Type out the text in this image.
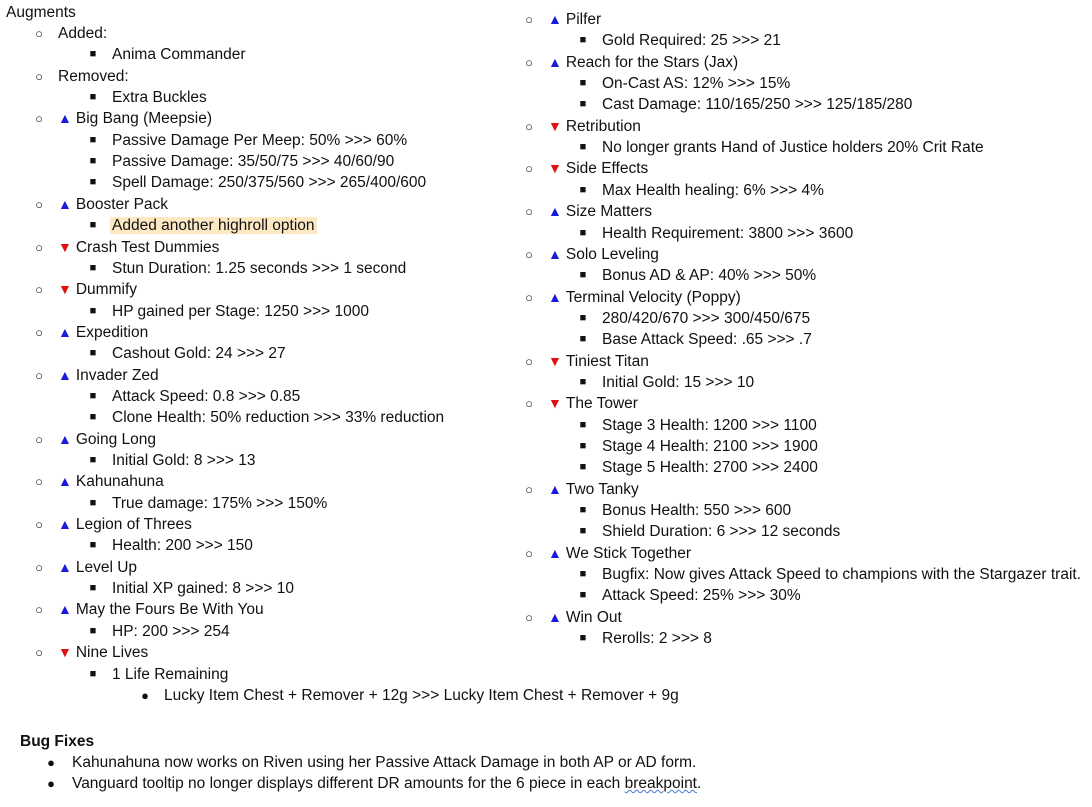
Augments
○ Added:
■ Anima Commander
○ Removed:
■ Extra Buckles
○ ▲ Big Bang (Meepsie)
■ Passive Damage Per Meep: 50% >>> 60%
■ Passive Damage: 35/50/75 >>> 40/60/90
■ Spell Damage: 250/375/560 >>> 265/400/600
○ ▲ Booster Pack
■ Added another highroll option
○ ▼ Crash Test Dummies
■ Stun Duration: 1.25 seconds >>> 1 second
○ ▼ Dummify
■ HP gained per Stage: 1250 >>> 1000
○ ▲ Expedition
■ Cashout Gold: 24 >>> 27
○ ▲ Invader Zed
■ Attack Speed: 0.8 >>> 0.85
■ Clone Health: 50% reduction >>> 33% reduction
○ ▲ Going Long
■ Initial Gold: 8 >>> 13
○ ▲ Kahunahuna
■ True damage: 175% >>> 150%
○ ▲ Legion of Threes
■ Health: 200 >>> 150
○ ▲ Level Up
■ Initial XP gained: 8 >>> 10
○ ▲ May the Fours Be With You
■ HP: 200 >>> 254
○ ▼ Nine Lives
■ 1 Life Remaining
● Lucky Item Chest + Remover + 12g >>> Lucky Item Chest + Remover + 9g
○ ▲ Pilfer
■ Gold Required: 25 >>> 21
○ ▲ Reach for the Stars (Jax)
■ On-Cast AS: 12% >>> 15%
■ Cast Damage: 110/165/250 >>> 125/185/280
○ ▼ Retribution
■ No longer grants Hand of Justice holders 20% Crit Rate
○ ▼ Side Effects
■ Max Health healing: 6% >>> 4%
○ ▲ Size Matters
■ Health Requirement: 3800 >>> 3600
○ ▲ Solo Leveling
■ Bonus AD & AP: 40% >>> 50%
○ ▲ Terminal Velocity (Poppy)
■ 280/420/670 >>> 300/450/675
■ Base Attack Speed: .65 >>> .7
○ ▼ Tiniest Titan
■ Initial Gold: 15 >>> 10
○ ▼ The Tower
■ Stage 3 Health: 1200 >>> 1100
■ Stage 4 Health: 2100 >>> 1900
■ Stage 5 Health: 2700 >>> 2400
○ ▲ Two Tanky
■ Bonus Health: 550 >>> 600
■ Shield Duration: 6 >>> 12 seconds
○ ▲ We Stick Together
■ Bugfix: Now gives Attack Speed to champions with the Stargazer trait.
■ Attack Speed: 25% >>> 30%
○ ▲ Win Out
■ Rerolls: 2 >>> 8
Bug Fixes
● Kahunahuna now works on Riven using her Passive Attack Damage in both AP or AD form.
● Vanguard tooltip no longer displays different DR amounts for the 6 piece in each breakpoint.
